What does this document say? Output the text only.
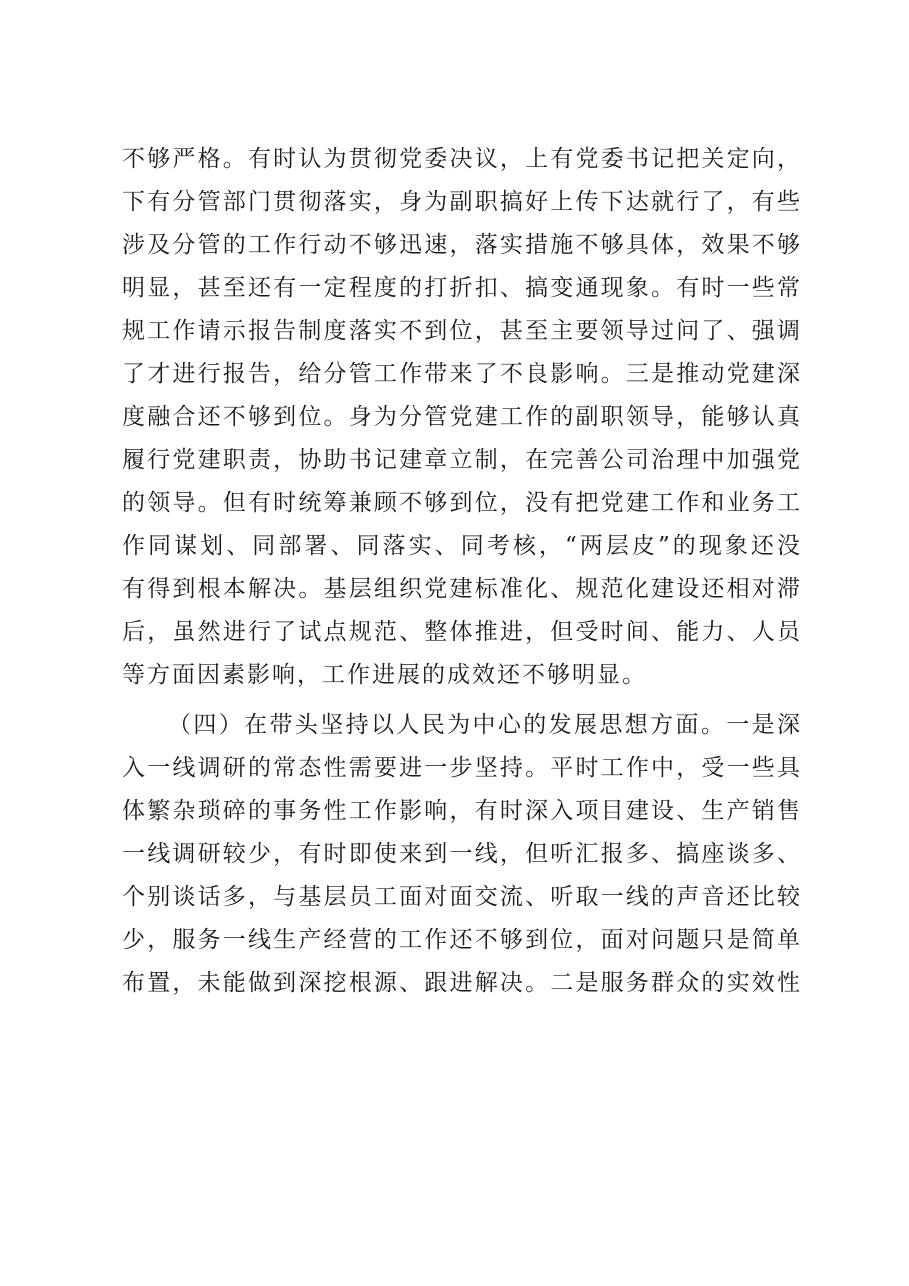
不够严格。有时认为贯彻党委决议，上有党委书记把关定向，
下有分管部门贯彻落实，身为副职搞好上传下达就行了，有些
涉及分管的工作行动不够迅速，落实措施不够具体，效果不够
明显，甚至还有一定程度的打折扣、搞变通现象。有时一些常
规工作请示报告制度落实不到位，甚至主要领导过问了、强调
了才进行报告，给分管工作带来了不良影响。三是推动党建深
度融合还不够到位。身为分管党建工作的副职领导，能够认真
履行党建职责，协助书记建章立制，在完善公司治理中加强党
的领导。但有时统筹兼顾不够到位，没有把党建工作和业务工
作同谋划、同部署、同落实、同考核，“两层皮”的现象还没
有得到根本解决。基层组织党建标准化、规范化建设还相对滞
后，虽然进行了试点规范、整体推进，但受时间、能力、人员
等方面因素影响，工作进展的成效还不够明显。
（四）在带头坚持以人民为中心的发展思想方面。一是深
入一线调研的常态性需要进一步坚持。平时工作中，受一些具
体繁杂琐碎的事务性工作影响，有时深入项目建设、生产销售
一线调研较少，有时即使来到一线，但听汇报多、搞座谈多、
个别谈话多，与基层员工面对面交流、听取一线的声音还比较
少，服务一线生产经营的工作还不够到位，面对问题只是简单
布置，未能做到深挖根源、跟进解决。二是服务群众的实效性
